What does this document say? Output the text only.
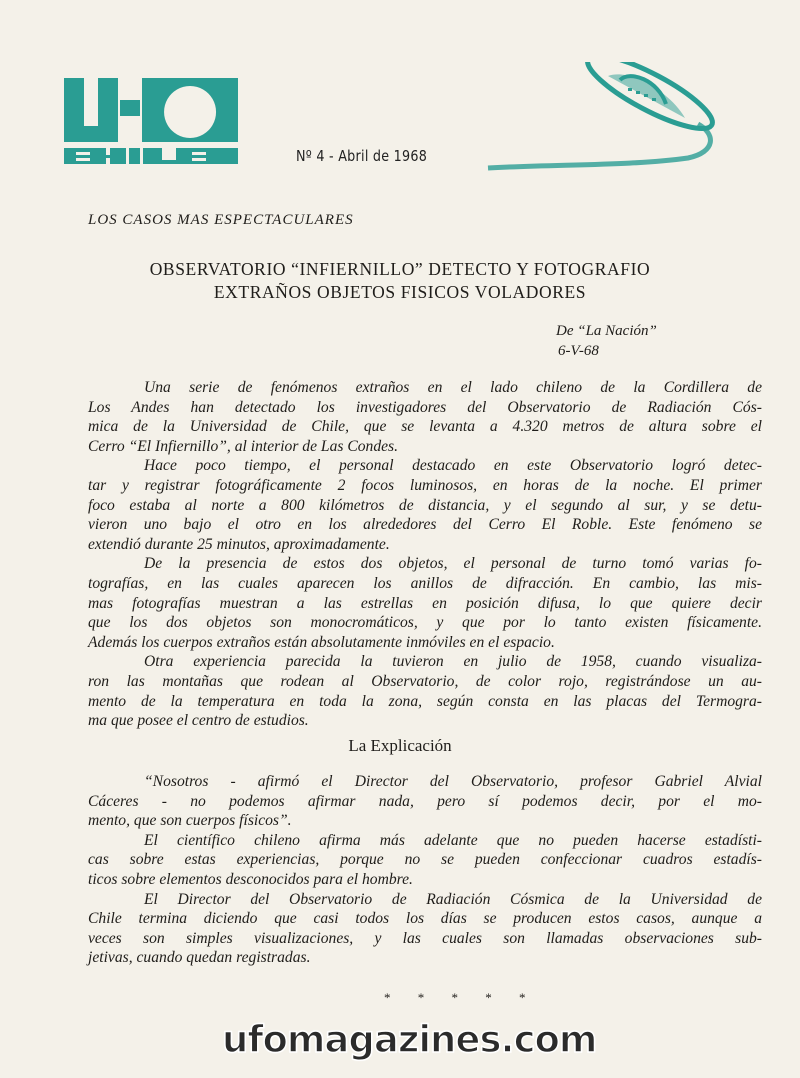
Nº 4 - Abril de 1968
LOS CASOS MAS ESPECTACULARES
OBSERVATORIO “INFIERNILLO” DETECTO Y FOTOGRAFIO
EXTRAÑOS OBJETOS FISICOS VOLADORES
De “La Nación”
6-V-68
Una serie de fenómenos extraños en el lado chileno de la Cordillera de
Los Andes han detectado los investigadores del Observatorio de Radiación Cós-
mica de la Universidad de Chile, que se levanta a 4.320 metros de altura sobre el
Cerro “El Infiernillo”, al interior de Las Condes.
Hace poco tiempo, el personal destacado en este Observatorio logró detec-
tar y registrar fotográficamente 2 focos luminosos, en horas de la noche. El primer
foco estaba al norte a 800 kilómetros de distancia, y el segundo al sur, y se detu-
vieron uno bajo el otro en los alrededores del Cerro El Roble. Este fenómeno se
extendió durante 25 minutos, aproximadamente.
De la presencia de estos dos objetos, el personal de turno tomó varias fo-
tografías, en las cuales aparecen los anillos de difracción. En cambio, las mis-
mas fotografías muestran a las estrellas en posición difusa, lo que quiere decir
que los dos objetos son monocromáticos, y que por lo tanto existen físicamente.
Además los cuerpos extraños están absolutamente inmóviles en el espacio.
Otra experiencia parecida la tuvieron en julio de 1958, cuando visualiza-
ron las montañas que rodean al Observatorio, de color rojo, registrándose un au-
mento de la temperatura en toda la zona, según consta en las placas del Termogra-
ma que posee el centro de estudios.
La Explicación
“Nosotros - afirmó el Director del Observatorio, profesor Gabriel Alvial
Cáceres - no podemos afirmar nada, pero sí podemos decir, por el mo-
mento, que son cuerpos físicos”.
El científico chileno afirma más adelante que no pueden hacerse estadísti-
cas sobre estas experiencias, porque no se pueden confeccionar cuadros estadís-
ticos sobre elementos desconocidos para el hombre.
El Director del Observatorio de Radiación Cósmica de la Universidad de
Chile termina diciendo que casi todos los días se producen estos casos, aunque a
veces son simples visualizaciones, y las cuales son llamadas observaciones sub-
jetivas, cuando quedan registradas.
* * * * *
ufomagazines.com
